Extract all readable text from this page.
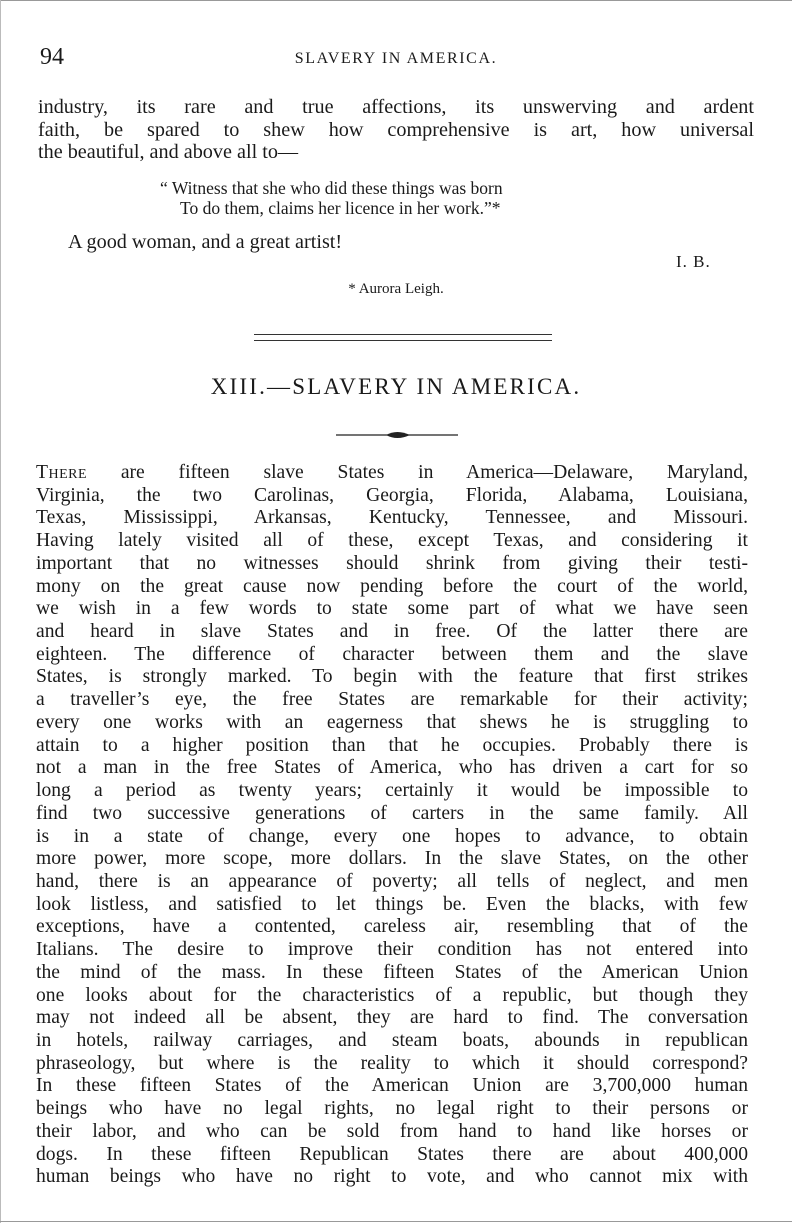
94	SLAVERY IN AMERICA.
industry, its rare and true affections, its unswerving and ardent
faith, be spared to shew how comprehensive is art, how universal
the beautiful, and above all to—
“ Witness that she who did these things was born
To do them, claims her licence in her work.”*
A good woman, and a great artist!
I. B.
* Aurora Leigh.
XIII.—SLAVERY IN AMERICA.
There are fifteen slave States in America—Delaware, Maryland,
Virginia, the two Carolinas, Georgia, Florida, Alabama, Louisiana,
Texas, Mississippi, Arkansas, Kentucky, Tennessee, and Missouri.
Having lately visited all of these, except Texas, and considering it
important that no witnesses should shrink from giving their testi-
mony on the great cause now pending before the court of the world,
we wish in a few words to state some part of what we have seen
and heard in slave States and in free. Of the latter there are
eighteen. The difference of character between them and the slave
States, is strongly marked. To begin with the feature that first strikes
a traveller’s eye, the free States are remarkable for their activity;
every one works with an eagerness that shews he is struggling to
attain to a higher position than that he occupies. Probably there is
not a man in the free States of America, who has driven a cart for so
long a period as twenty years; certainly it would be impossible to
find two successive generations of carters in the same family. All
is in a state of change, every one hopes to advance, to obtain
more power, more scope, more dollars. In the slave States, on the other
hand, there is an appearance of poverty; all tells of neglect, and men
look listless, and satisfied to let things be. Even the blacks, with few
exceptions, have a contented, careless air, resembling that of the
Italians. The desire to improve their condition has not entered into
the mind of the mass. In these fifteen States of the American Union
one looks about for the characteristics of a republic, but though they
may not indeed all be absent, they are hard to find. The conversation
in hotels, railway carriages, and steam boats, abounds in republican
phraseology, but where is the reality to which it should correspond?
In these fifteen States of the American Union are 3,700,000 human
beings who have no legal rights, no legal right to their persons or
their labor, and who can be sold from hand to hand like horses or
dogs. In these fifteen Republican States there are about 400,000
human beings who have no right to vote, and who cannot mix with
